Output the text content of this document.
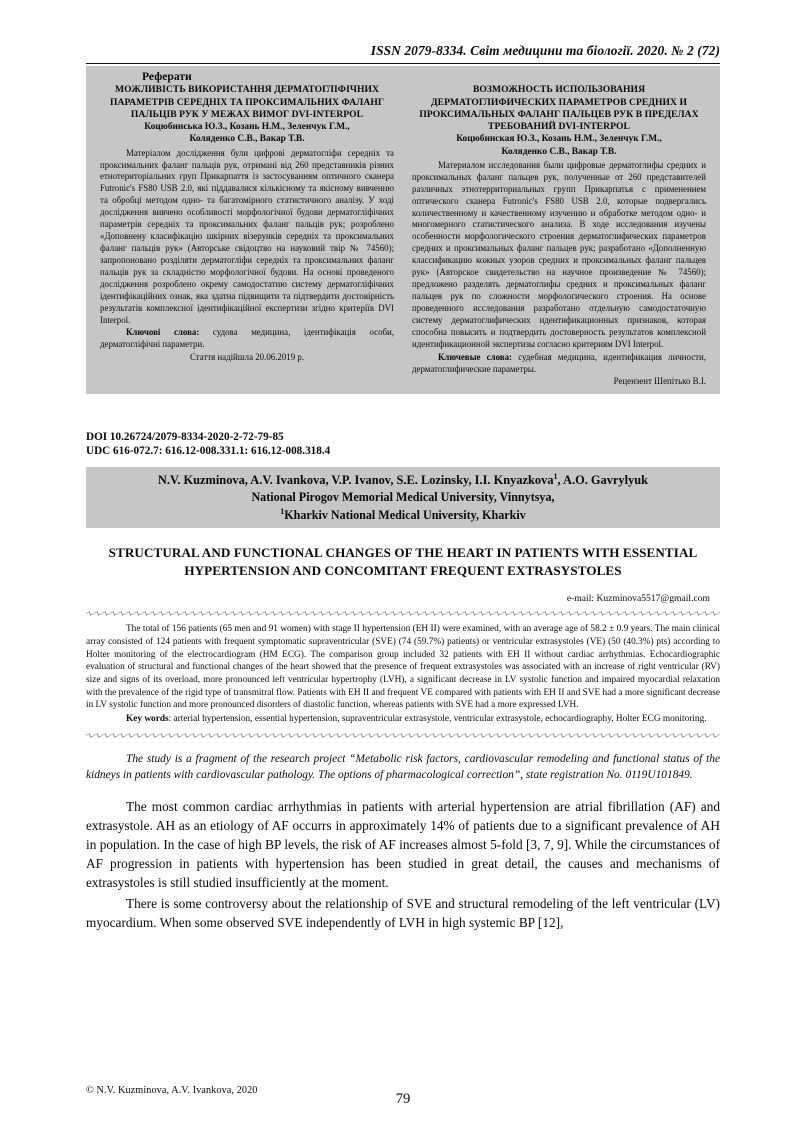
ISSN 2079-8334. Світ медицини та біології. 2020. № 2 (72)
Реферати
МОЖЛИВІСТЬ ВИКОРИСТАННЯ ДЕРМАТОГЛІФІЧНИХ ПАРАМЕТРІВ СЕРЕДНІХ ТА ПРОКСИМАЛЬНИХ ФАЛАНГ ПАЛЬЦІВ РУК У МЕЖАХ ВИМОГ DVI-INTERPOL
Коцюбинська Ю.З., Козань Н.М., Зеленчук Г.М.,
Коляденко С.В., Вакар Т.В.
Матеріалом дослідження були цифрові дерматогліфи середніх та проксимальних фаланг пальців рук, отримані від 260 представників різних етнотериторіальних груп Прикарпаття із застосуванням оптичного сканера Futronic's FS80 USB 2.0, які піддавалися кількісному та якісному вивченню та обробці методом одно- та багатомірного статистичного аналізу. У ході дослідження вивчено особливості морфологічної будови дерматогліфічних параметрів середніх та проксимальних фаланг пальців рук; розроблено «Доповнену класифікацію шкірних візерунків середніх та проксимальних фаланг пальців рук» (Авторське свідоцтво на науковий твір № 74560); запропоновано розділяти дерматогліфи середніх та проксимальних фаланг пальців рук за складністю морфологічної будови. На основі проведеного дослідження розроблено окрему самодостатню систему дерматогліфічних ідентифікаційних ознак, яка здатна підвищити та підтвердити достовірність результатів комплексної ідентифікаційної експертизи згідно критеріїв DVI Interpol.
Ключові слова: судова медицина, ідентифікація особи, дерматогліфічні параметри.
Стаття надійшла 20.06.2019 р.
ВОЗМОЖНОСТЬ ИСПОЛЬЗОВАНИЯ ДЕРМАТОГЛИФИЧЕСКИХ ПАРАМЕТРОВ СРЕДНИХ И ПРОКСИМАЛЬНЫХ ФАЛАНГ ПАЛЬЦЕВ РУК В ПРЕДЕЛАХ ТРЕБОВАНИЙ DVI-INTERPOL
Коцюбинская Ю.З., Козань Н.М., Зеленчук Г.М.,
Коляденко С.В., Вакар Т.В.
Материалом исследования были цифровые дерматоглифы средних и проксимальных фаланг пальцев рук, полученные от 260 представителей различных этнотерриториальных групп Прикарпатья с применением оптического сканера Futronic's FS80 USB 2.0, которые подвергались количественному и качественному изучению и обработке методом одно- и многомерного статистического анализа. В ходе исследования изучены особенности морфологического строения дерматоглифических параметров средних и проксимальных фаланг пальцев рук; разработано «Дополненную классификацию кожных узоров средних и проксимальных фаланг пальцев рук» (Авторское свидетельство на научное произведение № 74560); предложено разделять дерматоглифы средних и проксимальных фаланг пальцев рук по сложности морфологического строения. На основе проведенного исследования разработано отдельную самодостаточную систему дерматоглифических идентификационных признаков, которая способна повысить и подтвердить достоверность результатов комплексной идентификационной экспертизы согласно критериям DVI Interpol.
Ключевые слова: судебная медицина, идентификация личности, дерматоглифические параметры.
Рецензент Шепітько В.І.
DOI 10.26724/2079-8334-2020-2-72-79-85
UDC 616-072.7: 616.12-008.331.1: 616.12-008.318.4
N.V. Kuzminova, A.V. Ivankova, V.P. Ivanov, S.E. Lozinsky, I.I. Knyazkova$^1$, A.O. Gavrylyuk
National Pirogov Memorial Medical University, Vinnytsya,
$^1$Kharkiv National Medical University, Kharkiv
STRUCTURAL AND FUNCTIONAL CHANGES OF THE HEART IN PATIENTS WITH ESSENTIAL HYPERTENSION AND CONCOMITANT FREQUENT EXTRASYSTOLES
e-mail: Kuzminova5517@gmail.com
The total of 156 patients (65 men and 91 women) with stage II hypertension (EH II) were examined, with an average age of 58.2 ± 0.9 years. The main clinical array consisted of 124 patients with frequent symptomatic supraventricular (SVE) (74 (59.7%) patients) or ventricular extrasystoles (VE) (50 (40.3%) pts) according to Holter monitoring of the electrocardiogram (HM ECG). The comparison group included 32 patients with EH II without cardiac arrhythmias. Echocardiographic evaluation of structural and functional changes of the heart showed that the presence of frequent extrasystoles was associated with an increase of right ventricular (RV) size and signs of its overload, more pronounced left ventricular hypertrophy (LVH), a significant decrease in LV systolic function and impaired myocardial relaxation with the prevalence of the rigid type of transmitral flow. Patients with EH II and frequent VE compared with patients with EH II and SVE had a more significant decrease in LV systolic function and more pronounced disorders of diastolic function, whereas patients with SVE had a more expressed LVH.
Key words: arterial hypertension, essential hypertension, supraventricular extrasystole, ventricular extrasystole, echocardiography, Holter ECG monitoring.
The study is a fragment of the research project “Metabolic risk factors, cardiovascular remodeling and functional status of the kidneys in patients with cardiovascular pathology. The options of pharmacological correction”, state registration No. 0119U101849.
The most common cardiac arrhythmias in patients with arterial hypertension are atrial fibrillation (AF) and extrasystole. AH as an etiology of AF occurrs in approximately 14% of patients due to a significant prevalence of AH in population. In the case of high BP levels, the risk of AF increases almost 5-fold [3, 7, 9]. While the circumstances of AF progression in patients with hypertension has been studied in great detail, the causes and mechanisms of extrasystoles is still studied insufficiently at the moment.
There is some controversy about the relationship of SVE and structural remodeling of the left ventricular (LV) myocardium. When some observed SVE independently of LVH in high systemic BP [12],
© N.V. Kuzminova, A.V. Ivankova, 2020
79
